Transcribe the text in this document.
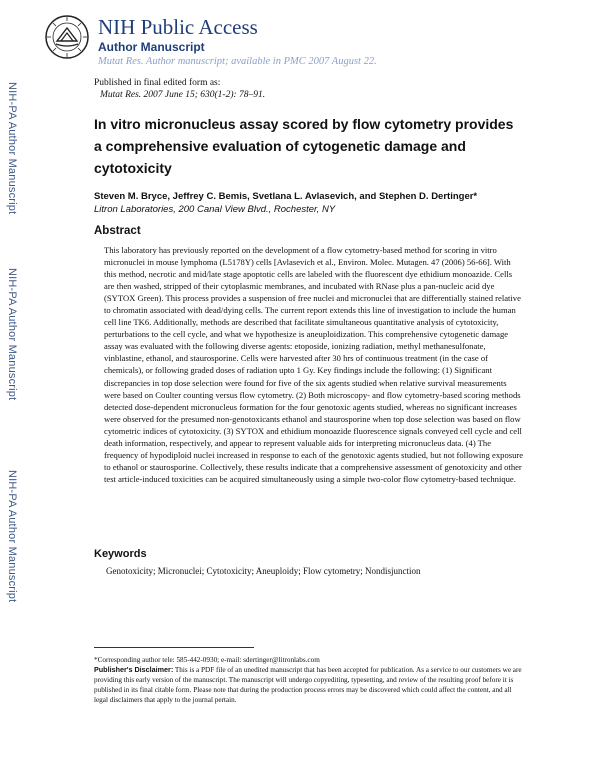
NIH-PA Author Manuscript
NIH-PA Author Manuscript
NIH-PA Author Manuscript
NIH Public Access
Author Manuscript
Mutat Res. Author manuscript; available in PMC 2007 August 22.
Published in final edited form as:
Mutat Res. 2007 June 15; 630(1-2): 78–91.
In vitro micronucleus assay scored by flow cytometry provides a comprehensive evaluation of cytogenetic damage and cytotoxicity
Steven M. Bryce, Jeffrey C. Bemis, Svetlana L. Avlasevich, and Stephen D. Dertinger*
Litron Laboratories, 200 Canal View Blvd., Rochester, NY
Abstract
This laboratory has previously reported on the development of a flow cytometry-based method for scoring in vitro micronuclei in mouse lymphoma (L5178Y) cells [Avlasevich et al., Environ. Molec. Mutagen. 47 (2006) 56-66]. With this method, necrotic and mid/late stage apoptotic cells are labeled with the fluorescent dye ethidium monoazide. Cells are then washed, stripped of their cytoplasmic membranes, and incubated with RNase plus a pan-nucleic acid dye (SYTOX Green). This process provides a suspension of free nuclei and micronuclei that are differentially stained relative to chromatin associated with dead/dying cells. The current report extends this line of investigation to include the human cell line TK6. Additionally, methods are described that facilitate simultaneous quantitative analysis of cytotoxicity, perturbations to the cell cycle, and what we hypothesize is aneuploidization. This comprehensive cytogenetic damage assay was evaluated with the following diverse agents: etoposide, ionizing radiation, methyl methanesulfonate, vinblastine, ethanol, and staurosporine. Cells were harvested after 30 hrs of continuous treatment (in the case of chemicals), or following graded doses of radiation upto 1 Gy. Key findings include the following: (1) Significant discrepancies in top dose selection were found for five of the six agents studied when relative survival measurements were based on Coulter counting versus flow cytometry. (2) Both microscopy- and flow cytometry-based scoring methods detected dose-dependent micronucleus formation for the four genotoxic agents studied, whereas no significant increases were observed for the presumed non-genotoxicants ethanol and staurosporine when top dose selection was based on flow cytometric indices of cytotoxicity. (3) SYTOX and ethidium monoazide fluorescence signals conveyed cell cycle and cell death information, respectively, and appear to represent valuable aids for interpreting micronucleus data. (4) The frequency of hypodiploid nuclei increased in response to each of the genotoxic agents studied, but not following exposure to ethanol or staurosporine. Collectively, these results indicate that a comprehensive assessment of genotoxicity and other test article-induced toxicities can be acquired simultaneously using a simple two-color flow cytometry-based technique.
Keywords
Genotoxicity; Micronuclei; Cytotoxicity; Aneuploidy; Flow cytometry; Nondisjunction
*Corresponding author tele: 585-442-0930; e-mail: sdertinger@litronlabs.com
Publisher's Disclaimer: This is a PDF file of an unedited manuscript that has been accepted for publication. As a service to our customers we are providing this early version of the manuscript. The manuscript will undergo copyediting, typesetting, and review of the resulting proof before it is published in its final citable form. Please note that during the production process errors may be discovered which could affect the content, and all legal disclaimers that apply to the journal pertain.
